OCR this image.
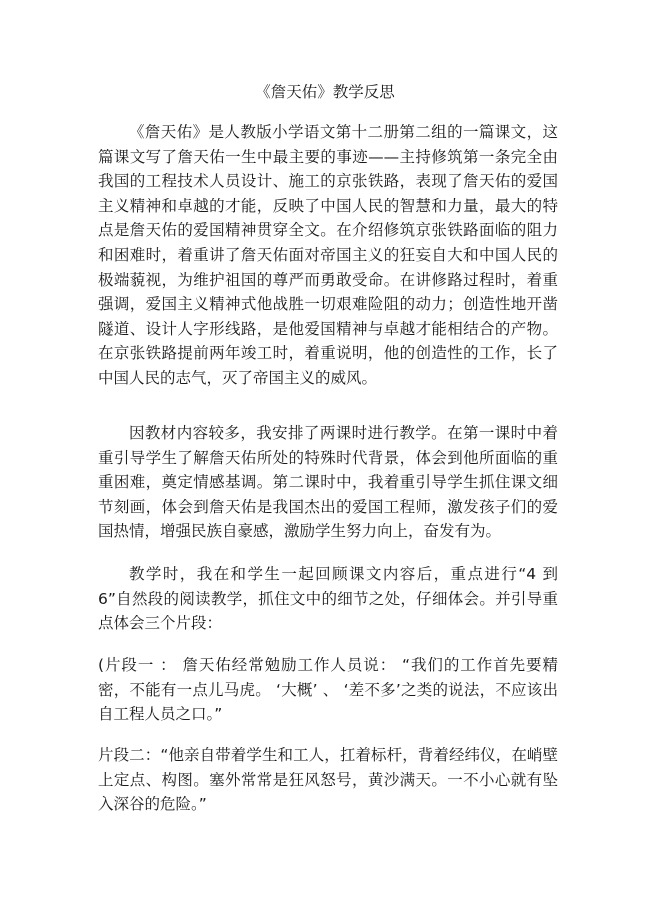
《詹天佑》教学反思

《詹天佑》是人教版小学语文第十二册第二组的一篇课文，这篇课文写了詹天佑一生中最主要的事迹——主持修筑第一条完全由我国的工程技术人员设计、施工的京张铁路，表现了詹天佑的爱国主义精神和卓越的才能，反映了中国人民的智慧和力量，最大的特点是詹天佑的爱国精神贯穿全文。在介绍修筑京张铁路面临的阻力和困难时，着重讲了詹天佑面对帝国主义的狂妄自大和中国人民的极端藐视，为维护祖国的尊严而勇敢受命。在讲修路过程时，着重强调，爱国主义精神式他战胜一切艰难险阻的动力；创造性地开凿隧道、设计人字形线路，是他爱国精神与卓越才能相结合的产物。在京张铁路提前两年竣工时，着重说明，他的创造性的工作，长了中国人民的志气，灭了帝国主义的威风。

因教材内容较多，我安排了两课时进行教学。在第一课时中着重引导学生了解詹天佑所处的特殊时代背景，体会到他所面临的重重困难，奠定情感基调。第二课时中，我着重引导学生抓住课文细节刻画，体会到詹天佑是我国杰出的爱国工程师，激发孩子们的爱国热情，增强民族自豪感，激励学生努力向上，奋发有为。

教学时，我在和学生一起回顾课文内容后，重点进行“4 到 6”自然段的阅读教学，抓住文中的细节之处，仔细体会。并引导重点体会三个片段：

(片段一 ： 詹天佑经常勉励工作人员说： “我们的工作首先要精密，不能有一点儿马虎。 ‘大概’ 、 ‘差不多’之类的说法，不应该出自工程人员之口。”

片段二：“他亲自带着学生和工人，扛着标杆，背着经纬仪，在峭壁上定点、构图。塞外常常是狂风怒号，黄沙满天。一不小心就有坠入深谷的危险。”
